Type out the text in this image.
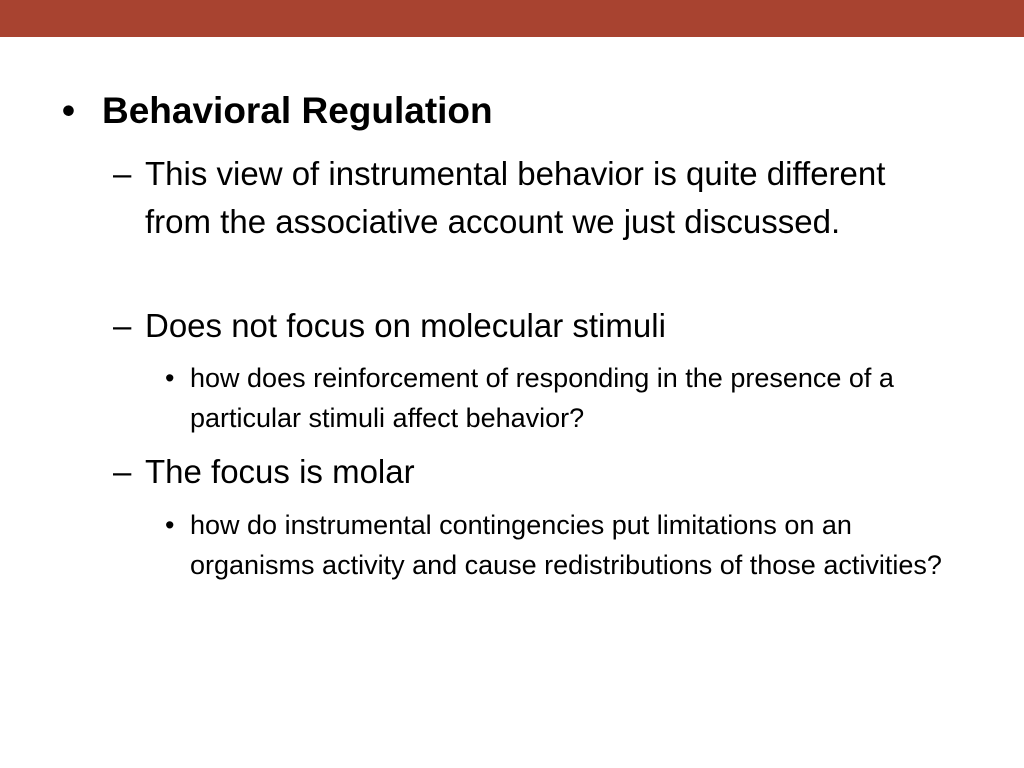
• Behavioral Regulation
– This view of instrumental behavior is quite different from the associative account we just discussed.
– Does not focus on molecular stimuli
• how does reinforcement of responding in the presence of a particular stimuli affect behavior?
– The focus is molar
• how do instrumental contingencies put limitations on an organisms activity and cause redistributions of those activities?
